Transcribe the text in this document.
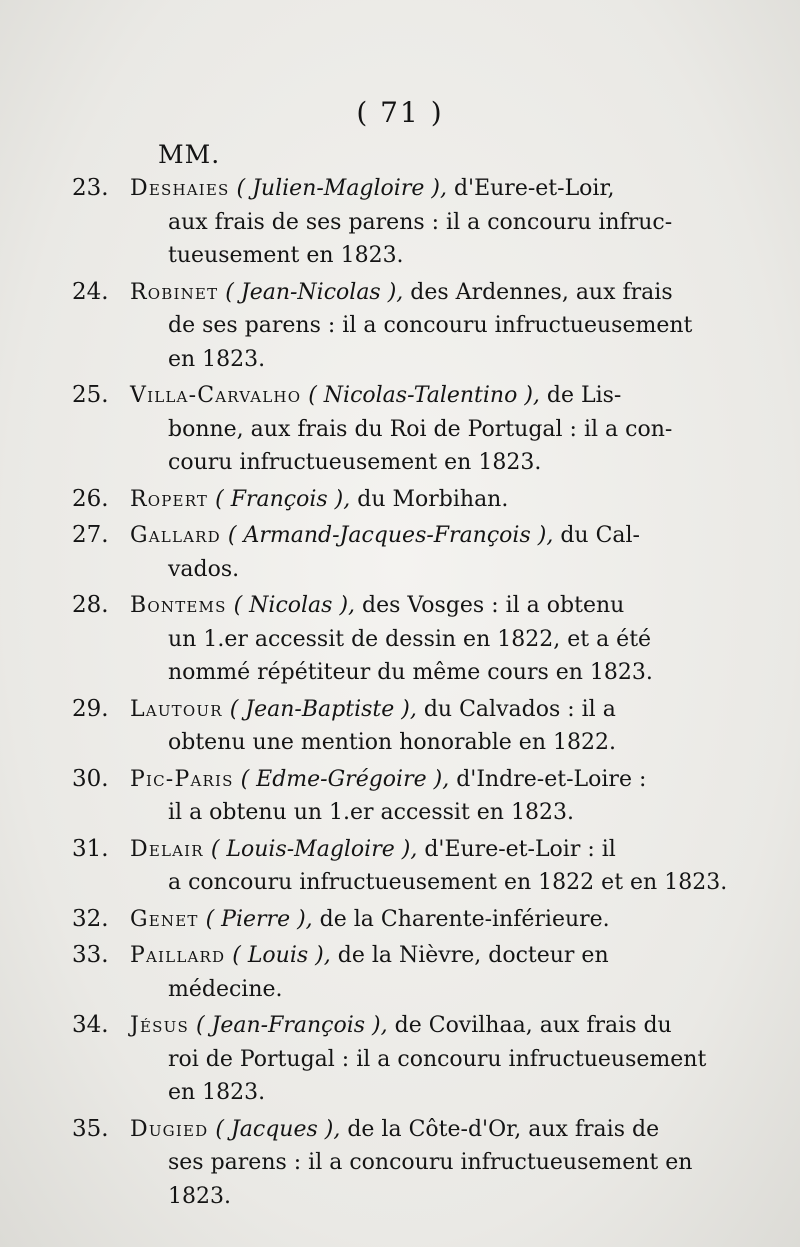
( 71 )
MM.
23. Deshaies ( Julien-Magloire ), d'Eure-et-Loir,
aux frais de ses parens : il a concouru infruc-
tueusement en 1823.
24. Robinet ( Jean-Nicolas ), des Ardennes, aux frais
de ses parens : il a concouru infructueusement
en 1823.
25. Villa-Carvalho ( Nicolas-Talentino ), de Lis-
bonne, aux frais du Roi de Portugal : il a con-
couru infructueusement en 1823.
26. Ropert ( François ), du Morbihan.
27. Gallard ( Armand-Jacques-François ), du Cal-
vados.
28. Bontems ( Nicolas ), des Vosges : il a obtenu
un 1.er accessit de dessin en 1822, et a été
nommé répétiteur du même cours en 1823.
29. Lautour ( Jean-Baptiste ), du Calvados : il a
obtenu une mention honorable en 1822.
30. Pic-Paris ( Edme-Grégoire ), d'Indre-et-Loire :
il a obtenu un 1.er accessit en 1823.
31. Delair ( Louis-Magloire ), d'Eure-et-Loir : il
a concouru infructueusement en 1822 et en 1823.
32. Genet ( Pierre ), de la Charente-inférieure.
33. Paillard ( Louis ), de la Nièvre, docteur en
médecine.
34. Jésus ( Jean-François ), de Covilhaa, aux frais du
roi de Portugal : il a concouru infructueusement
en 1823.
35. Dugied ( Jacques ), de la Côte-d'Or, aux frais de
ses parens : il a concouru infructueusement en
1823.
